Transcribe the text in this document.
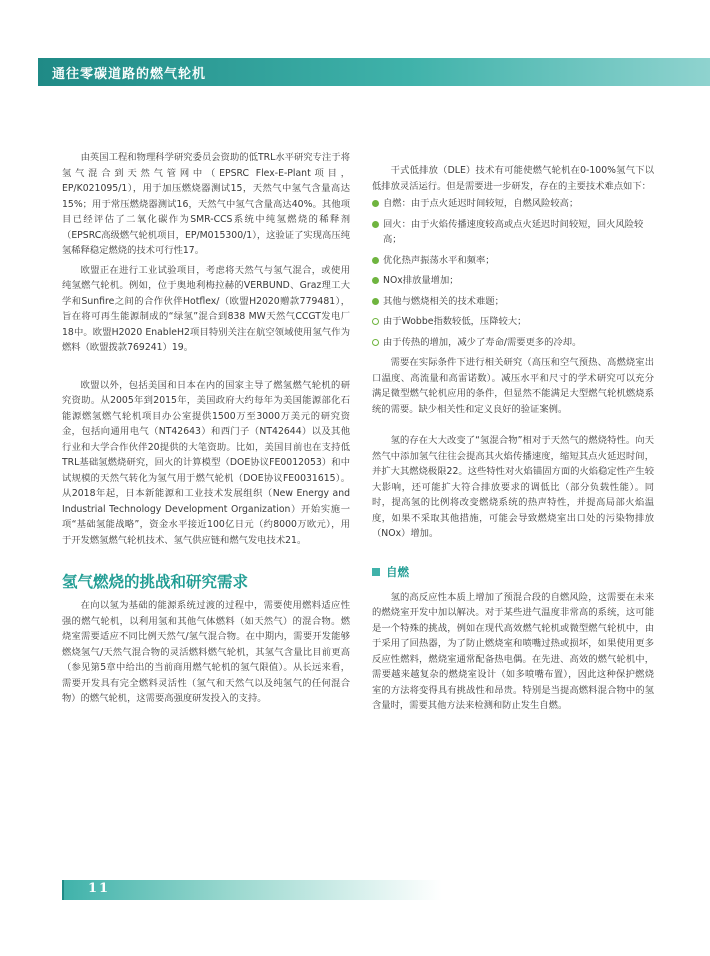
通往零碳道路的燃气轮机

由英国工程和物理科学研究委员会资助的低TRL水平研究专注于将氢气混合到天然气管网中（EPSRC Flex-E-Plant项目，EP/K021095/1），用于加压燃烧器测试15，天然气中氢气含量高达15%；用于常压燃烧器测试16，天然气中氢气含量高达40%。其他项目已经评估了二氧化碳作为SMR-CCS系统中纯氢燃烧的稀释剂（EPSRC高级燃气轮机项目，EP/M015300/1），这验证了实现高压纯氢稀释稳定燃烧的技术可行性17。

欧盟正在进行工业试验项目，考虑将天然气与氢气混合，或使用纯氢燃气轮机。例如，位于奥地利梅拉赫的VERBUND、Graz理工大学和Sunfire之间的合作伙伴Hotflex/（欧盟H2020赠款779481），旨在将可再生能源制成的“绿氢”混合到838 MW天然气CCGT发电厂18中。欧盟H2020 EnableH2项目特别关注在航空领域使用氢气作为燃料（欧盟拨款769241）19。

欧盟以外，包括美国和日本在内的国家主导了燃氢燃气轮机的研究资助。从2005年到2015年，美国政府大约每年为美国能源部化石能源燃氢燃气轮机项目办公室提供1500万至3000万美元的研究资金，包括向通用电气（NT42643）和西门子（NT42644）以及其他行业和大学合作伙伴20提供的大笔资助。比如，美国目前也在支持低TRL基础氢燃烧研究，回火的计算模型（DOE协议FE0012053）和中试规模的天然气转化为氢气用于燃气轮机（DOE协议FE0031615）。从2018年起，日本新能源和工业技术发展组织（New Energy and Industrial Technology Development Organization）开始实施一项“基础氢能战略”，资金水平接近100亿日元（约8000万欧元），用于开发燃氢燃气轮机技术、氢气供应链和燃气发电技术21。

氢气燃烧的挑战和研究需求

在向以氢为基础的能源系统过渡的过程中，需要使用燃料适应性强的燃气轮机，以利用氢和其他气体燃料（如天然气）的混合物。燃烧室需要适应不同比例天然气/氢气混合物。在中期内，需要开发能够燃烧氢气/天然气混合物的灵活燃料燃气轮机，其氢气含量比目前更高（参见第5章中给出的当前商用燃气轮机的氢气限值）。从长远来看，需要开发具有完全燃料灵活性（氢气和天然气以及纯氢气的任何混合物）的燃气轮机，这需要高强度研发投入的支持。

干式低排放（DLE）技术有可能使燃气轮机在0-100%氢气下以低排放灵活运行。但是需要进一步研发，存在的主要技术难点如下：

自燃：由于点火延迟时间较短，自燃风险较高；
回火：由于火焰传播速度较高或点火延迟时间较短，回火风险较高；
优化热声振荡水平和频率；
NOx排放量增加；
其他与燃烧相关的技术难题；
由于Wobbe指数较低，压降较大；
由于传热的增加，减少了寿命/需要更多的冷却。

需要在实际条件下进行相关研究（高压和空气预热、高燃烧室出口温度、高流量和高雷诺数）。减压水平和尺寸的学术研究可以充分满足微型燃气轮机应用的条件，但显然不能满足大型燃气轮机燃烧系统的需要。缺少相关性和定义良好的验证案例。

氢的存在大大改变了“氢混合物”相对于天然气的燃烧特性。向天然气中添加氢气往往会提高其火焰传播速度，缩短其点火延迟时间，并扩大其燃烧极限22。这些特性对火焰锚固方面的火焰稳定性产生较大影响，还可能扩大符合排放要求的调低比（部分负载性能）。同时，提高氢的比例将改变燃烧系统的热声特性，并提高局部火焰温度，如果不采取其他措施，可能会导致燃烧室出口处的污染物排放（NOx）增加。

自燃

氢的高反应性本质上增加了预混合段的自燃风险，这需要在未来的燃烧室开发中加以解决。对于某些进气温度非常高的系统，这可能是一个特殊的挑战，例如在现代高效燃气轮机或微型燃气轮机中，由于采用了回热器，为了防止燃烧室和喷嘴过热或损坏，如果使用更多反应性燃料，燃烧室通常配备热电偶。在先进、高效的燃气轮机中，需要越来越复杂的燃烧室设计（如多喷嘴布置），因此这种保护燃烧室的方法将变得具有挑战性和昂贵。特别是当提高燃料混合物中的氢含量时，需要其他方法来检测和防止发生自燃。

11
